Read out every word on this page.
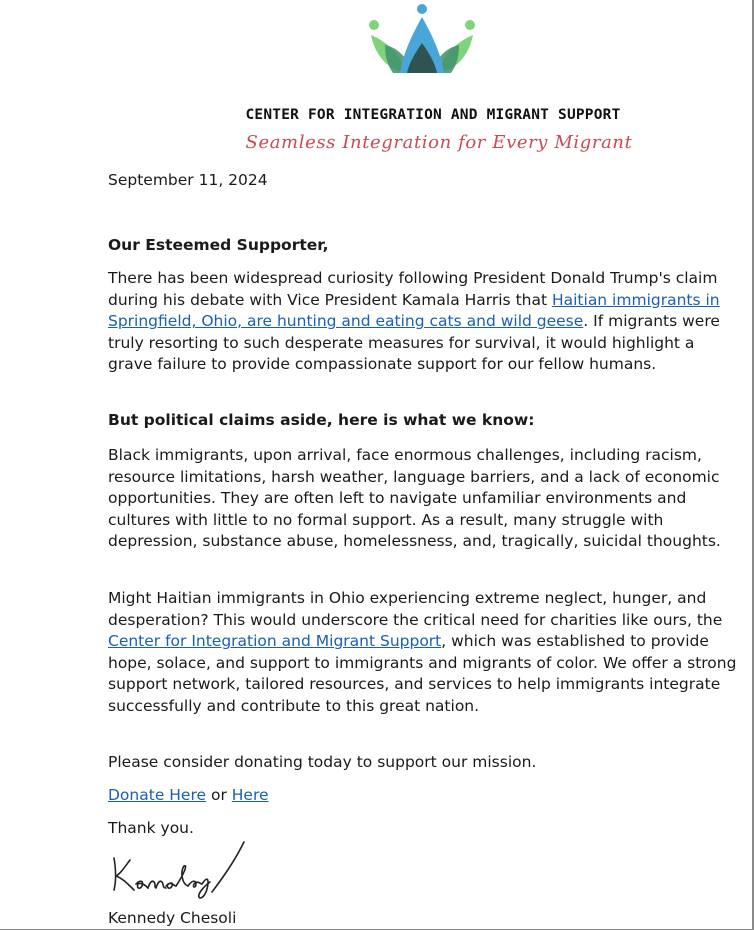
CENTER FOR INTEGRATION AND MIGRANT SUPPORT
Seamless Integration for Every Migrant
September 11, 2024
Our Esteemed Supporter,
There has been widespread curiosity following President Donald Trump's claim during his debate with Vice President Kamala Harris that Haitian immigrants in Springfield, Ohio, are hunting and eating cats and wild geese. If migrants were truly resorting to such desperate measures for survival, it would highlight a grave failure to provide compassionate support for our fellow humans.
But political claims aside, here is what we know:
Black immigrants, upon arrival, face enormous challenges, including racism, resource limitations, harsh weather, language barriers, and a lack of economic opportunities. They are often left to navigate unfamiliar environments and cultures with little to no formal support. As a result, many struggle with depression, substance abuse, homelessness, and, tragically, suicidal thoughts.
Might Haitian immigrants in Ohio experiencing extreme neglect, hunger, and desperation? This would underscore the critical need for charities like ours, the Center for Integration and Migrant Support, which was established to provide hope, solace, and support to immigrants and migrants of color. We offer a strong support network, tailored resources, and services to help immigrants integrate successfully and contribute to this great nation.
Please consider donating today to support our mission.
Donate Here or Here
Thank you.
Kennedy Chesoli
